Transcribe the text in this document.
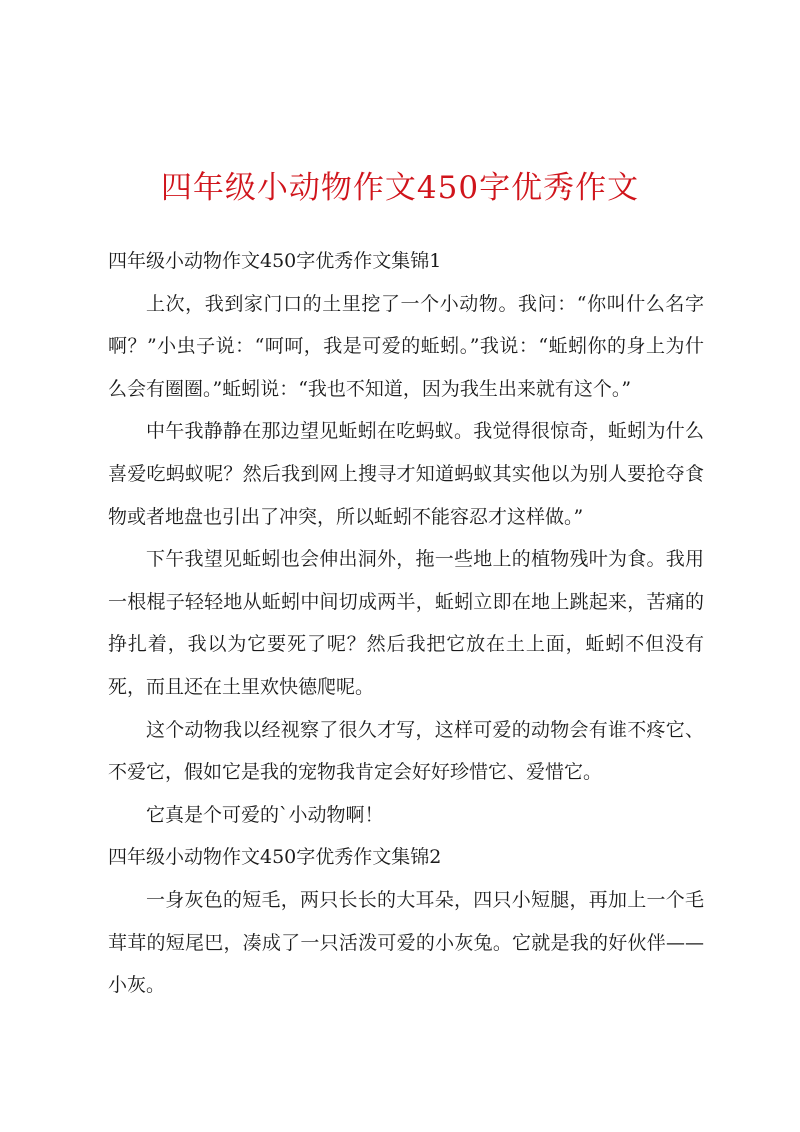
四年级小动物作文450字优秀作文

四年级小动物作文450字优秀作文集锦1

上次，我到家门口的土里挖了一个小动物。我问：“你叫什么名字啊？”小虫子说：“呵呵，我是可爱的蚯蚓。”我说：“蚯蚓你的身上为什么会有圈圈。”蚯蚓说：“我也不知道，因为我生出来就有这个。”

中午我静静在那边望见蚯蚓在吃蚂蚁。我觉得很惊奇，蚯蚓为什么喜爱吃蚂蚁呢？然后我到网上搜寻才知道蚂蚁其实他以为别人要抢夺食物或者地盘也引出了冲突，所以蚯蚓不能容忍才这样做。”

下午我望见蚯蚓也会伸出洞外，拖一些地上的植物残叶为食。我用一根棍子轻轻地从蚯蚓中间切成两半，蚯蚓立即在地上跳起来，苦痛的挣扎着，我以为它要死了呢？然后我把它放在土上面，蚯蚓不但没有死，而且还在土里欢快德爬呢。

这个动物我以经视察了很久才写，这样可爱的动物会有谁不疼它、不爱它，假如它是我的宠物我肯定会好好珍惜它、爱惜它。

它真是个可爱的`小动物啊！

四年级小动物作文450字优秀作文集锦2

一身灰色的短毛，两只长长的大耳朵，四只小短腿，再加上一个毛茸茸的短尾巴，凑成了一只活泼可爱的小灰兔。它就是我的好伙伴——小灰。
